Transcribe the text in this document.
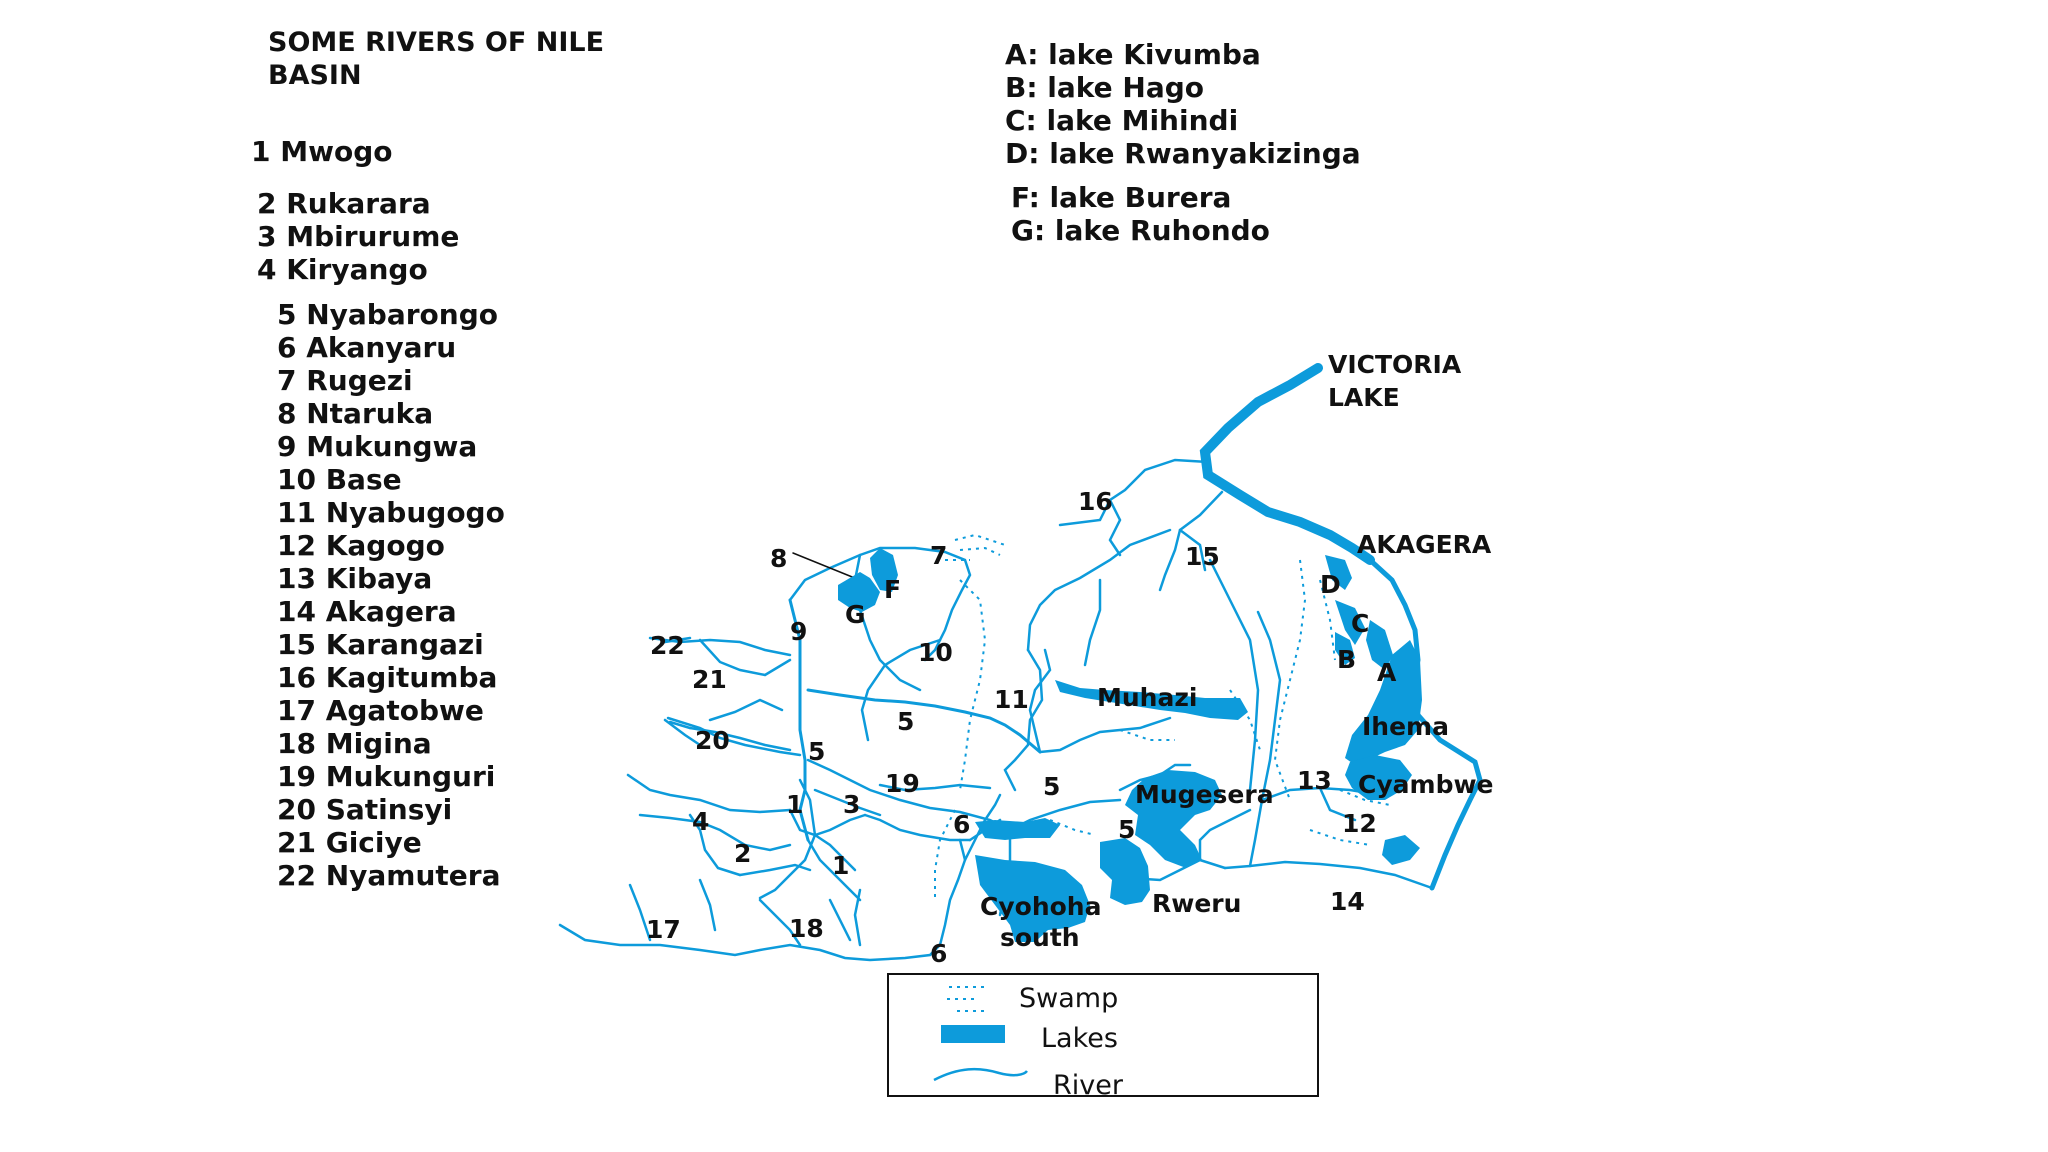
SOME RIVERS OF NILE
BASIN
1 Mwogo
2 Rukarara
3 Mbirurume
4 Kiryango
5 Nyabarongo
6 Akanyaru
7 Rugezi
8 Ntaruka
9 Mukungwa
10 Base
11 Nyabugogo
12 Kagogo
13 Kibaya
14 Akagera
15 Karangazi
16 Kagitumba
17 Agatobwe
18 Migina
19 Mukunguri
20 Satinsyi
21 Giciye
22 Nyamutera
A: lake Kivumba
B: lake Hago
C: lake Mihindi
D: lake Rwanyakizinga
F: lake Burera
G: lake Ruhondo
VICTORIA LAKE
AKAGERA
Muhazi
Mugesera
Ihema
Cyambwe
Cyohoha south
Rweru
16
15
8	7
F
G
9
22
21
10
11
5
20	5
19	5
3
1
4
2	1
6	5
17	18
6
13
12
14
D
C
B A
Swamp
Lakes
River
